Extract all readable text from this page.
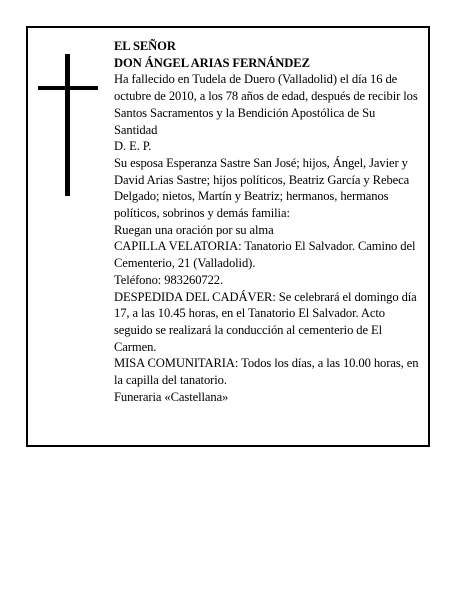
EL SEÑOR

DON ÁNGEL ARIAS FERNÁNDEZ

Ha fallecido en Tudela de Duero (Valladolid) el día 16 de octubre de 2010, a los 78 años de edad, después de recibir los Santos Sacramentos y la Bendición Apostólica de Su Santidad

D. E. P.

Su esposa Esperanza Sastre San José; hijos, Ángel, Javier y David Arias Sastre; hijos políticos, Beatriz García y Rebeca Delgado; nietos, Martín y Beatriz; hermanos, hermanos políticos, sobrinos y demás familia:

Ruegan una oración por su alma

CAPILLA VELATORIA: Tanatorio El Salvador. Camino del Cementerio, 21 (Valladolid).

Teléfono: 983260722.

DESPEDIDA DEL CADÁVER: Se celebrará el domingo día 17, a las 10.45 horas, en el Tanatorio El Salvador. Acto seguido se realizará la conducción al cementerio de El Carmen.

MISA COMUNITARIA: Todos los días, a las 10.00 horas, en la capilla del tanatorio.

Funeraria «Castellana»
